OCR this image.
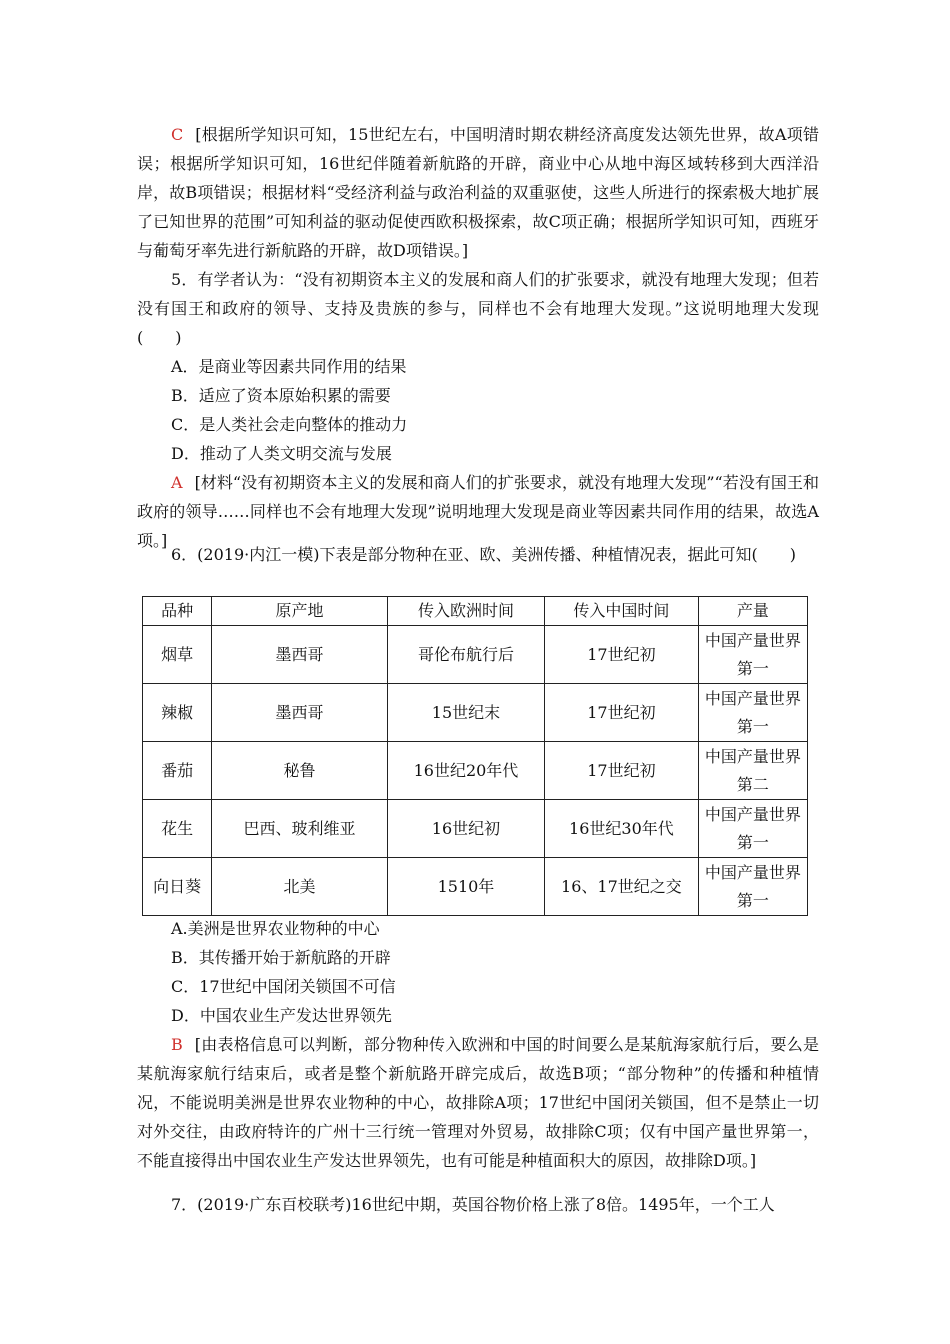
C [根据所学知识可知，15世纪左右，中国明清时期农耕经济高度发达领先世界，故A项错误；根据所学知识可知，16世纪伴随着新航路的开辟，商业中心从地中海区域转移到大西洋沿岸，故B项错误；根据材料“受经济利益与政治利益的双重驱使，这些人所进行的探索极大地扩展了已知世界的范围”可知利益的驱动促使西欧积极探索，故C项正确；根据所学知识可知，西班牙与葡萄牙率先进行新航路的开辟，故D项错误。]

5．有学者认为：“没有初期资本主义的发展和商人们的扩张要求，就没有地理大发现；但若没有国王和政府的领导、支持及贵族的参与，同样也不会有地理大发现。”这说明地理大发现(　　)

A．是商业等因素共同作用的结果

B．适应了资本原始积累的需要

C．是人类社会走向整体的推动力

D．推动了人类文明交流与发展

A [材料“没有初期资本主义的发展和商人们的扩张要求，就没有地理大发现”“若没有国王和政府的领导……同样也不会有地理大发现”说明地理大发现是商业等因素共同作用的结果，故选A项。]

6．(2019·内江一模)下表是部分物种在亚、欧、美洲传播、种植情况表，据此可知(　　)

品种	原产地	传入欧洲时间	传入中国时间	产量
烟草	墨西哥	哥伦布航行后	17世纪初	中国产量世界第一
辣椒	墨西哥	15世纪末	17世纪初	中国产量世界第一
番茄	秘鲁	16世纪20年代	17世纪初	中国产量世界第二
花生	巴西、玻利维亚	16世纪初	16世纪30年代	中国产量世界第一
向日葵	北美	1510年	16、17世纪之交	中国产量世界第一

A.美洲是世界农业物种的中心

B．其传播开始于新航路的开辟

C．17世纪中国闭关锁国不可信

D．中国农业生产发达世界领先

B [由表格信息可以判断，部分物种传入欧洲和中国的时间要么是某航海家航行后，要么是某航海家航行结束后，或者是整个新航路开辟完成后，故选B项；“部分物种”的传播和种植情况，不能说明美洲是世界农业物种的中心，故排除A项；17世纪中国闭关锁国，但不是禁止一切对外交往，由政府特许的广州十三行统一管理对外贸易，故排除C项；仅有中国产量世界第一，不能直接得出中国农业生产发达世界领先，也有可能是种植面积大的原因，故排除D项。]

7．(2019·广东百校联考)16世纪中期，英国谷物价格上涨了8倍。1495年，一个工人
